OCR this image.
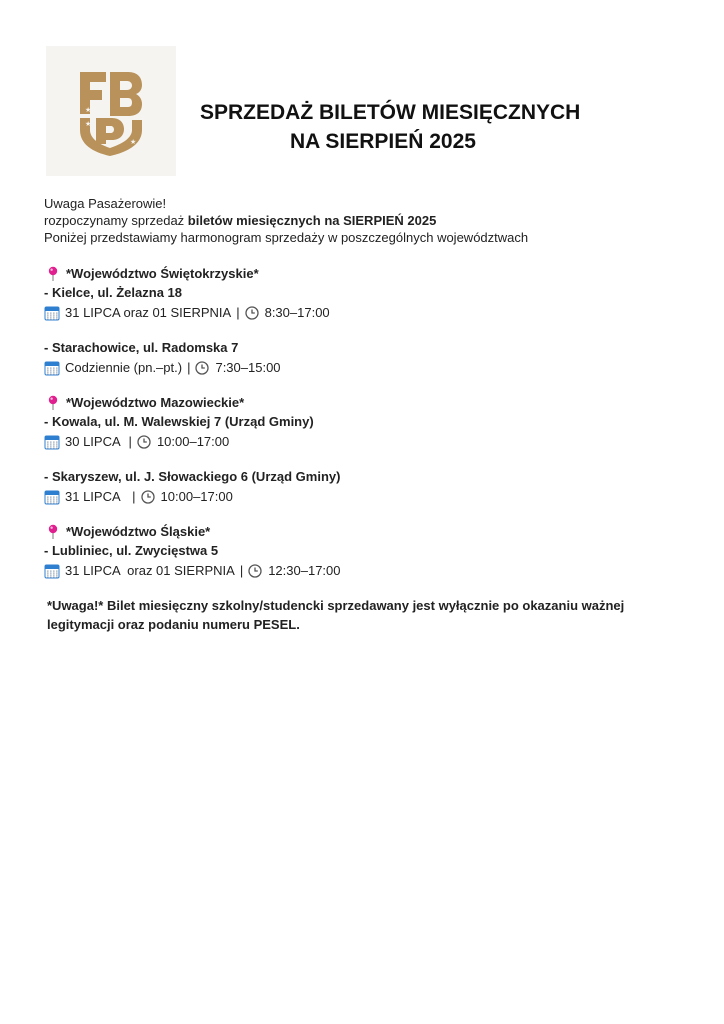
★
★
★
★
SPRZEDAŻ BILETÓW MIESIĘCZNYCH
NA SIERPIEŃ 2025
Uwaga Pasażerowie!
rozpoczynamy sprzedaż biletów miesięcznych na SIERPIEŃ 2025
Poniżej przedstawiamy harmonogram sprzedaży w poszczególnych województwach
*Województwo Świętokrzyskie*
- Kielce, ul. Żelazna 18
31 LIPCA oraz 01 SIERPNIA | 8:30–17:00
- Starachowice, ul. Radomska 7
Codziennie (pn.–pt.) | 7:30–15:00
*Województwo Mazowieckie*
- Kowala, ul. M. Walewskiej 7 (Urząd Gminy)
30 LIPCA | 10:00–17:00
- Skaryszew, ul. J. Słowackiego 6 (Urząd Gminy)
31 LIPCA | 10:00–17:00
*Województwo Śląskie*
- Lubliniec, ul. Zwycięstwa 5
31 LIPCA  oraz 01 SIERPNIA | 12:30–17:00
*Uwaga!* Bilet miesięczny szkolny/studencki sprzedawany jest wyłącznie po okazaniu ważnej legitymacji oraz podaniu numeru PESEL.
